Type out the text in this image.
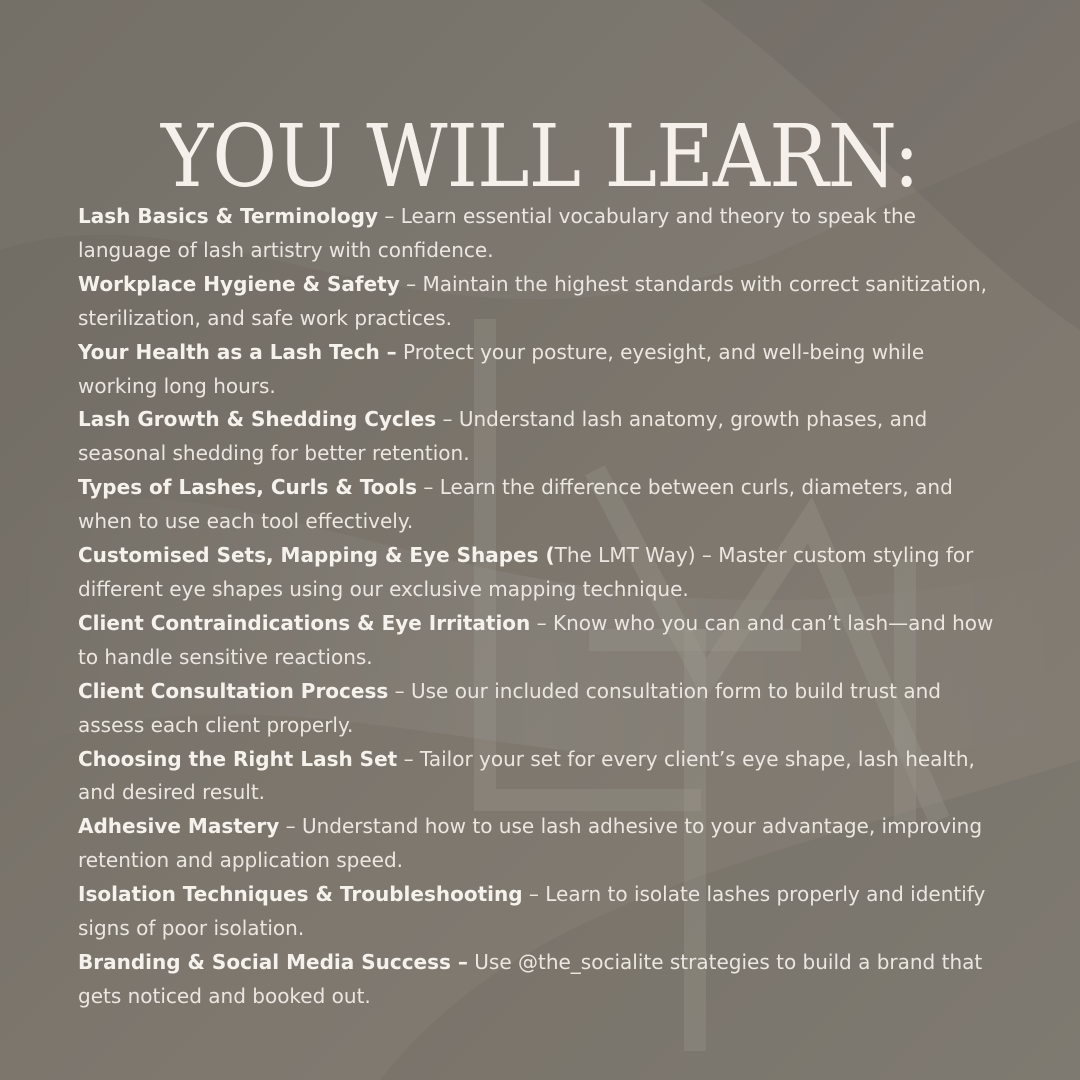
YOU WILL LEARN:

Lash Basics & Terminology – Learn essential vocabulary and theory to speak the language of lash artistry with confidence.

Workplace Hygiene & Safety – Maintain the highest standards with correct sanitization, sterilization, and safe work practices.

Your Health as a Lash Tech – Protect your posture, eyesight, and well-being while working long hours.

Lash Growth & Shedding Cycles – Understand lash anatomy, growth phases, and seasonal shedding for better retention.

Types of Lashes, Curls & Tools – Learn the difference between curls, diameters, and when to use each tool effectively.

Customised Sets, Mapping & Eye Shapes (The LMT Way) – Master custom styling for different eye shapes using our exclusive mapping technique.

Client Contraindications & Eye Irritation – Know who you can and can’t lash—and how to handle sensitive reactions.

Client Consultation Process – Use our included consultation form to build trust and assess each client properly.

Choosing the Right Lash Set – Tailor your set for every client’s eye shape, lash health, and desired result.

Adhesive Mastery – Understand how to use lash adhesive to your advantage, improving retention and application speed.

Isolation Techniques & Troubleshooting – Learn to isolate lashes properly and identify signs of poor isolation.

Branding & Social Media Success – Use @the_socialite strategies to build a brand that gets noticed and booked out.
